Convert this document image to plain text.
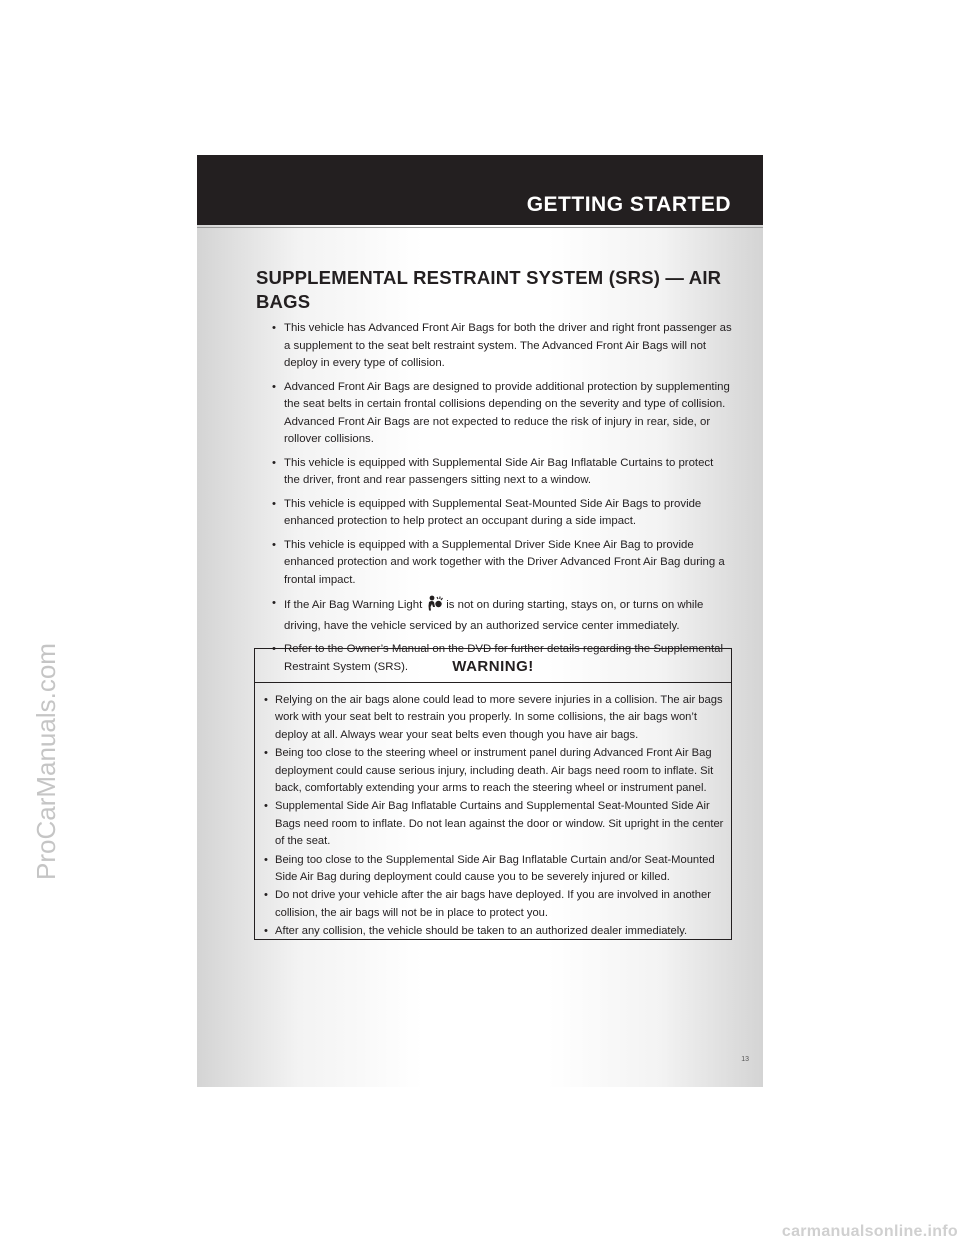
GETTING STARTED
SUPPLEMENTAL RESTRAINT SYSTEM (SRS) — AIR BAGS
• This vehicle has Advanced Front Air Bags for both the driver and right front passenger as a supplement to the seat belt restraint system. The Advanced Front Air Bags will not deploy in every type of collision.
• Advanced Front Air Bags are designed to provide additional protection by supplementing the seat belts in certain frontal collisions depending on the severity and type of collision. Advanced Front Air Bags are not expected to reduce the risk of injury in rear, side, or rollover collisions.
• This vehicle is equipped with Supplemental Side Air Bag Inflatable Curtains to protect the driver, front and rear passengers sitting next to a window.
• This vehicle is equipped with Supplemental Seat-Mounted Side Air Bags to provide enhanced protection to help protect an occupant during a side impact.
• This vehicle is equipped with a Supplemental Driver Side Knee Air Bag to provide enhanced protection and work together with the Driver Advanced Front Air Bag during a frontal impact.
• If the Air Bag Warning Light is not on during starting, stays on, or turns on while driving, have the vehicle serviced by an authorized service center immediately.
• Refer to the Owner’s Manual on the DVD for further details regarding the Supplemental Restraint System (SRS).	WARNING!
• Relying on the air bags alone could lead to more severe injuries in a collision. The air bags work with your seat belt to restrain you properly. In some collisions, the air bags won’t deploy at all. Always wear your seat belts even though you have air bags.
• Being too close to the steering wheel or instrument panel during Advanced Front Air Bag deployment could cause serious injury, including death. Air bags need room to inflate. Sit back, comfortably extending your arms to reach the steering wheel or instrument panel.
• Supplemental Side Air Bag Inflatable Curtains and Supplemental Seat-Mounted Side Air Bags need room to inflate. Do not lean against the door or window. Sit upright in the center of the seat.
• Being too close to the Supplemental Side Air Bag Inflatable Curtain and/or Seat-Mounted Side Air Bag during deployment could cause you to be severely injured or killed.
• Do not drive your vehicle after the air bags have deployed. If you are involved in another collision, the air bags will not be in place to protect you.
• After any collision, the vehicle should be taken to an authorized dealer immediately.
13
ProCarManuals.com
carmanualsonline.info
